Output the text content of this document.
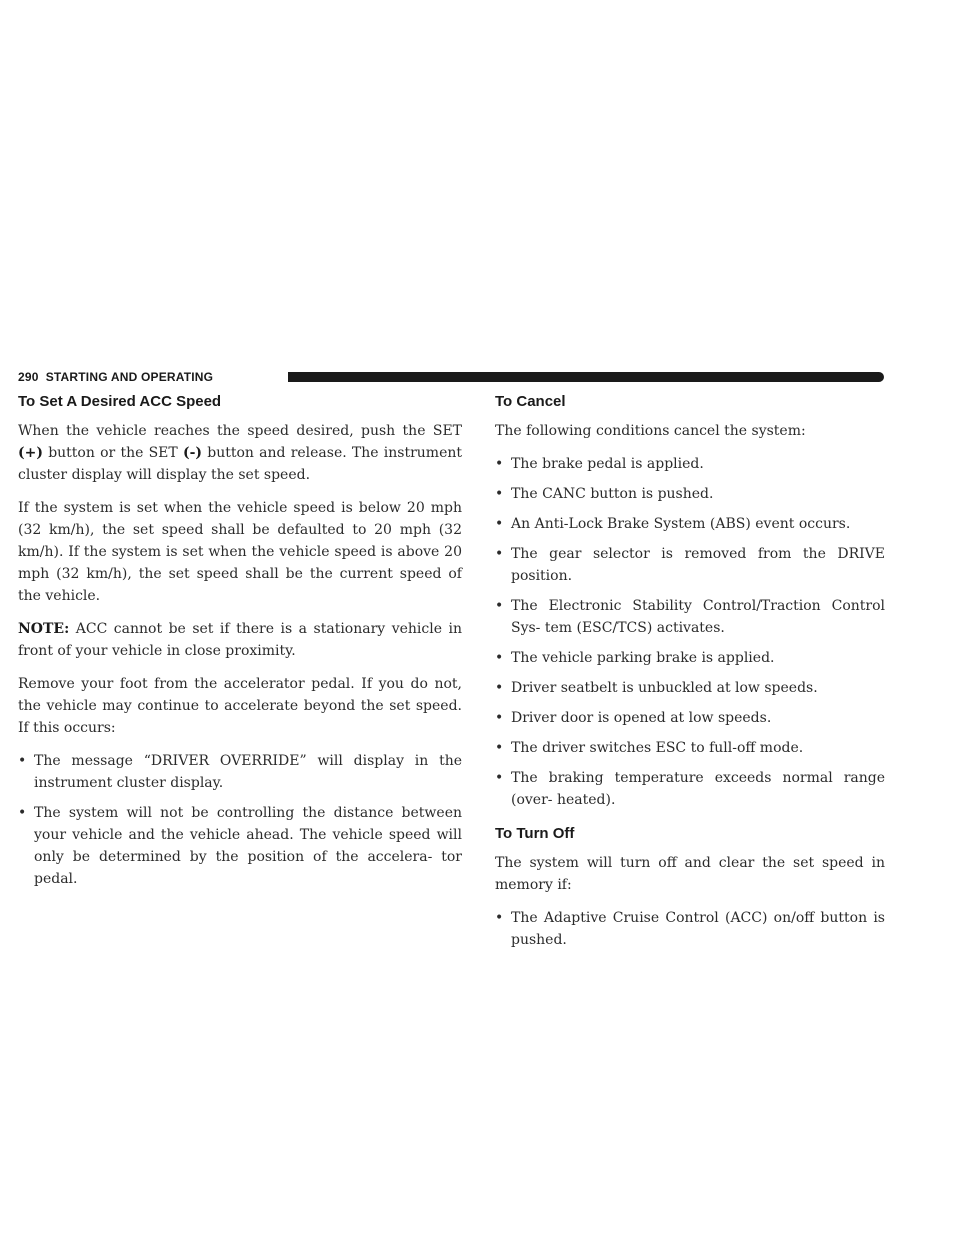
290 STARTING AND OPERATING
To Set A Desired ACC Speed

When the vehicle reaches the speed desired, push the SET (+) button or the SET (-) button and release. The instrument cluster display will display the set speed.

If the system is set when the vehicle speed is below 20 mph (32 km/h), the set speed shall be defaulted to 20 mph (32 km/h). If the system is set when the vehicle speed is above 20 mph (32 km/h), the set speed shall be the current speed of the vehicle.

NOTE: ACC cannot be set if there is a stationary vehicle in front of your vehicle in close proximity.

Remove your foot from the accelerator pedal. If you do not, the vehicle may continue to accelerate beyond the set speed. If this occurs:

• The message “DRIVER OVERRIDE” will display in the instrument cluster display.
• The system will not be controlling the distance between your vehicle and the vehicle ahead. The vehicle speed will only be determined by the position of the accelera- tor pedal.
To Cancel

The following conditions cancel the system:

• The brake pedal is applied.
• The CANC button is pushed.
• An Anti-Lock Brake System (ABS) event occurs.
• The gear selector is removed from the DRIVE position.
• The Electronic Stability Control/Traction Control Sys- tem (ESC/TCS) activates.
• The vehicle parking brake is applied.
• Driver seatbelt is unbuckled at low speeds.
• Driver door is opened at low speeds.
• The driver switches ESC to full-off mode.
• The braking temperature exceeds normal range (over- heated).
To Turn Off

The system will turn off and clear the set speed in memory if:

• The Adaptive Cruise Control (ACC) on/off button is pushed.
